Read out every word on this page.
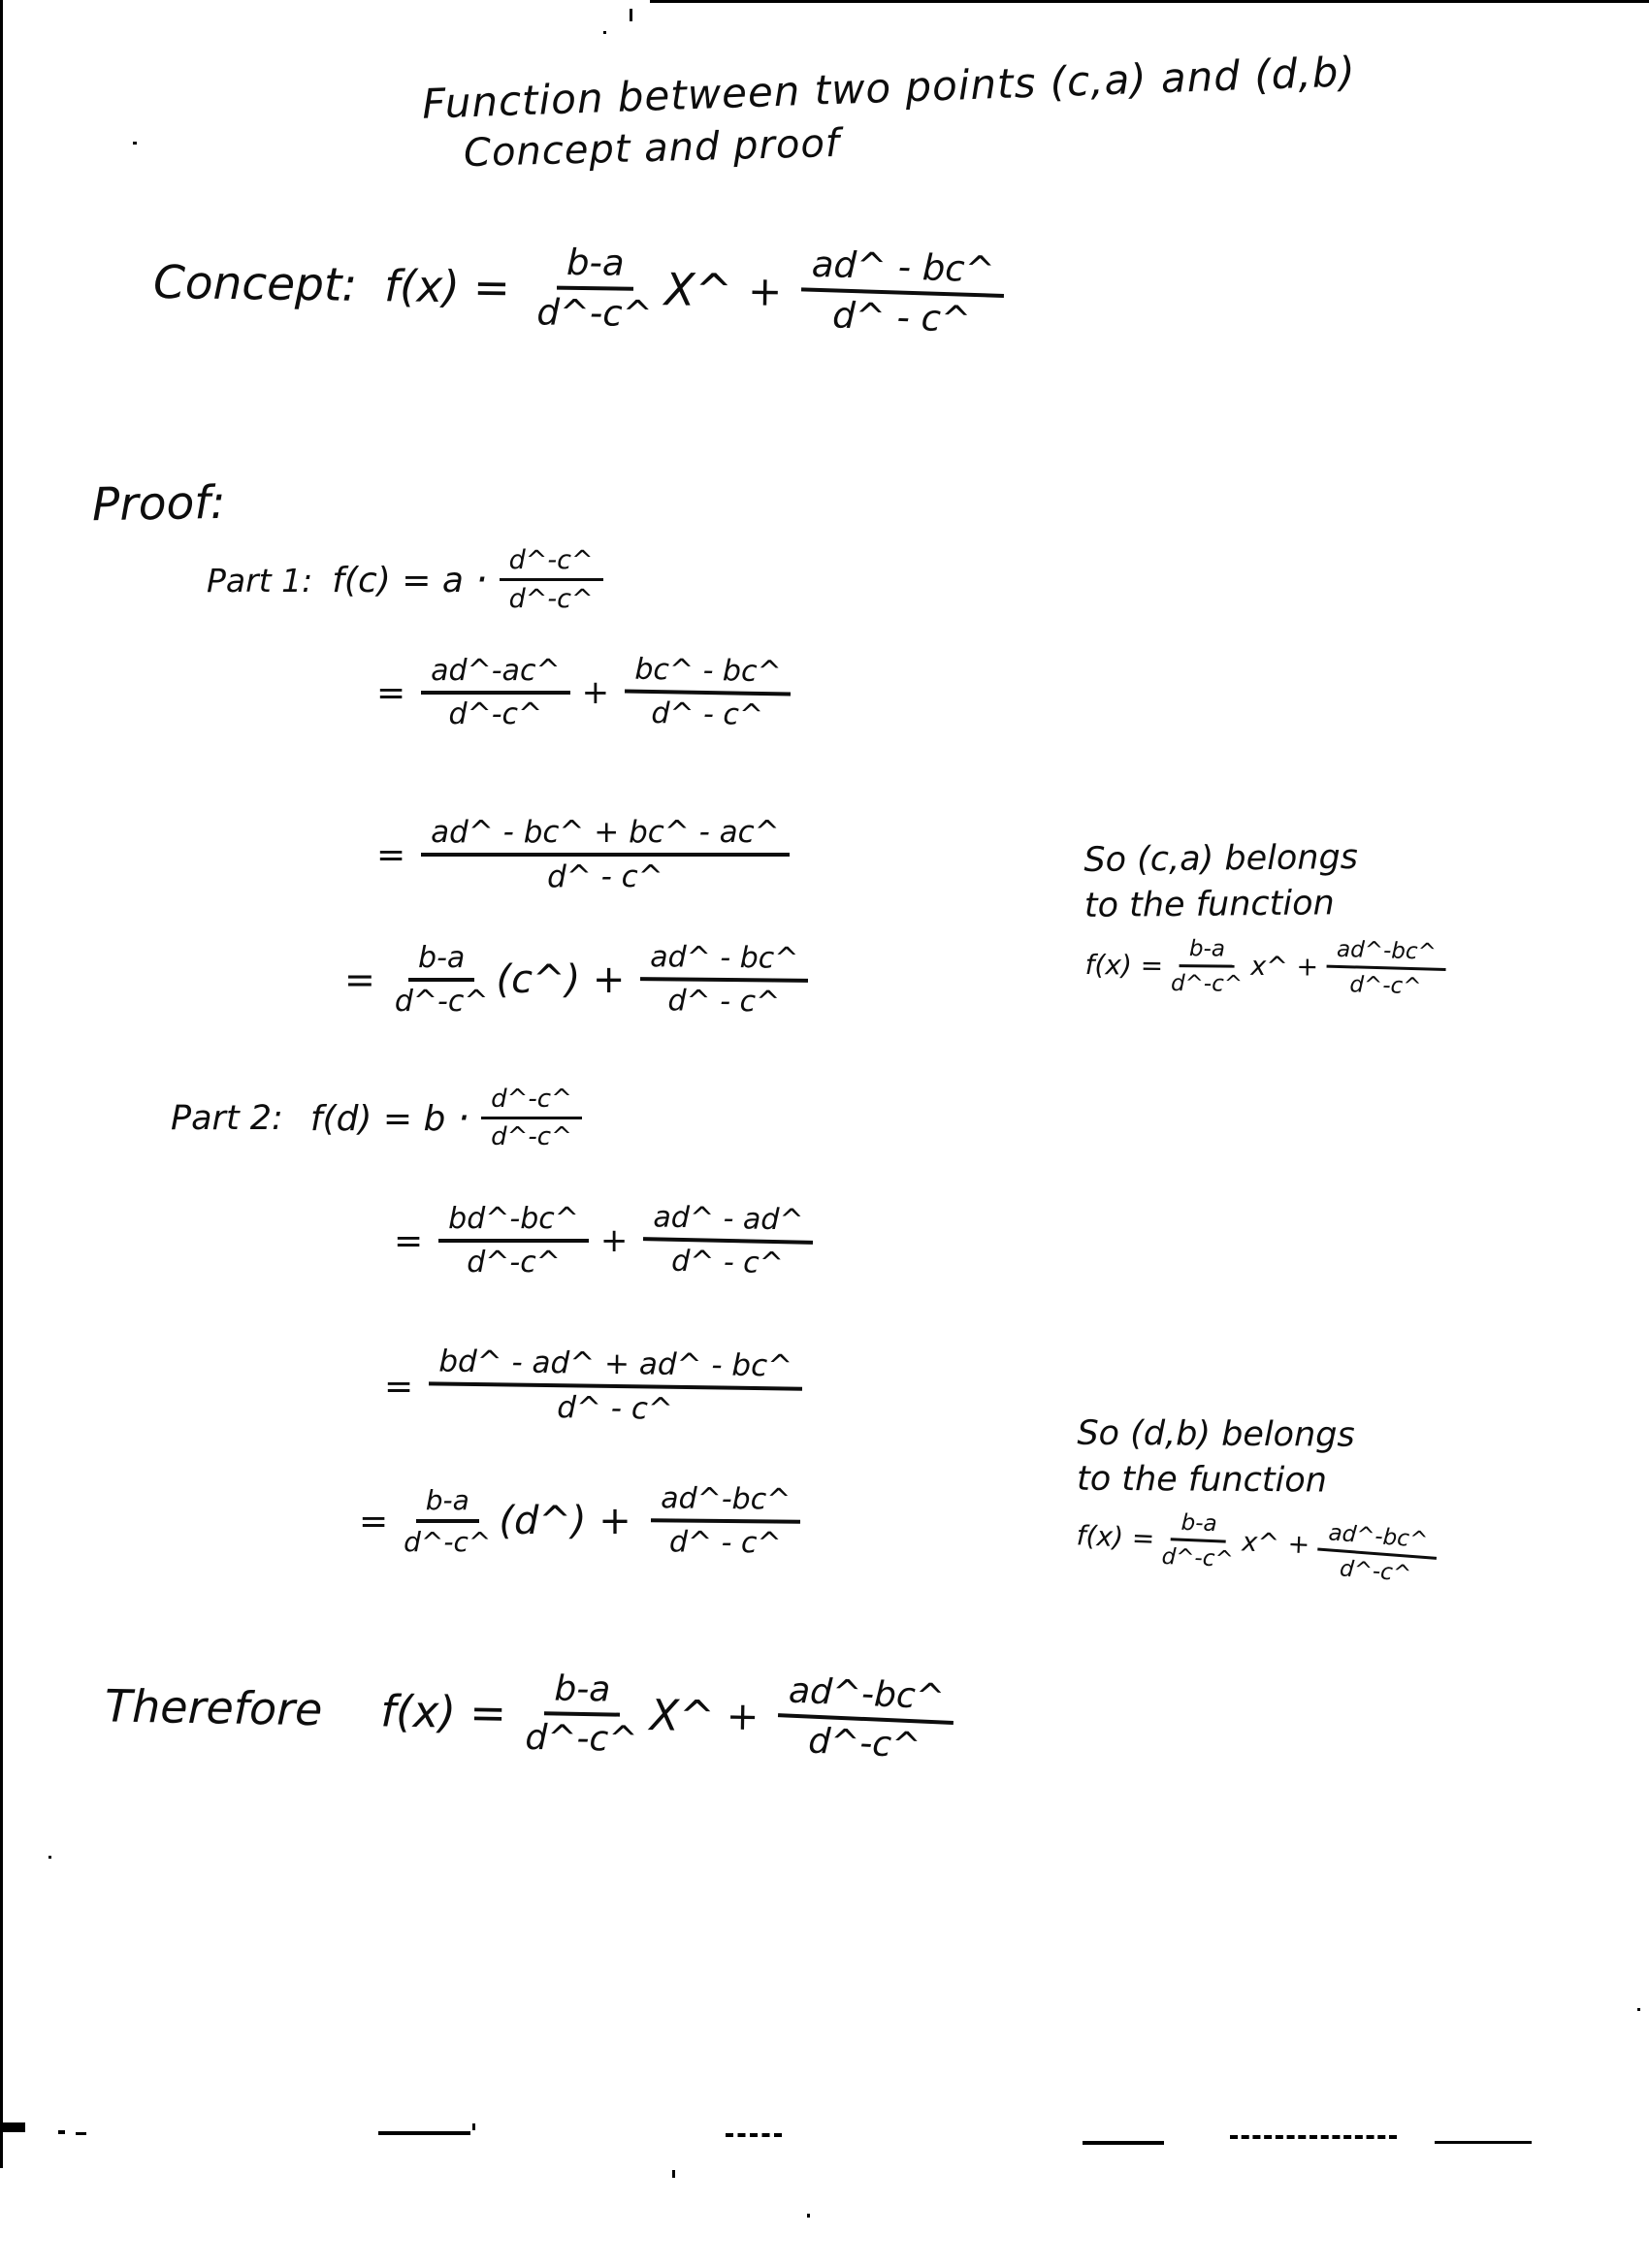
Function between two points (c,a) and (d,b)
Concept and proof
Concept: $f(x) = \frac{b-a}{d\^{}-c\^{}}$ X^ + $\frac{ad\^{} - bc\^{}}{d\^{} - c\^{}}$
Proof:
Part 1: $f(c) = a \cdot \frac{d\^{}-c\^{}}{d\^{}-c\^{}}$
= $\frac{ad\^{}-ac\^{}}{d\^{}-c\^{}} + \frac{bc\^{} - bc\^{}}{d\^{} - c\^{}}$
= $\frac{ad\^{} - bc\^{} + bc\^{} - ac\^{}}{d\^{} - c\^{}}$
= $\frac{b-a}{d\^{}-c\^{}}$ (c^) + $\frac{ad\^{} - bc\^{}}{d\^{} - c\^{}}$
So (c,a) belongs
to the function
$f(x) = \frac{b-a}{d\^{}-c\^{}}$ x^ + $\frac{ad\^{}-bc\^{}}{d\^{}-c\^{}}$
Part 2: $f(d) = b \cdot \frac{d\^{}-c\^{}}{d\^{}-c\^{}}$
= $\frac{bd\^{}-bc\^{}}{d\^{}-c\^{}} + \frac{ad\^{} - ad\^{}}{d\^{} - c\^{}}$
= $\frac{bd\^{} - ad\^{} + ad\^{} - bc\^{}}{d\^{} - c\^{}}$
= $\frac{b-a}{d\^{}-c\^{}}$ (d^) + $\frac{ad\^{}-bc\^{}}{d\^{} - c\^{}}$
So (d,b) belongs
to the function
$f(x) = \frac{b-a}{d\^{}-c\^{}}$ x^ + $\frac{ad\^{}-bc\^{}}{d\^{}-c\^{}}$
Therefore $f(x) = \frac{b-a}{d\^{}-c\^{}}$ X^ + $\frac{ad\^{}-bc\^{}}{d\^{}-c\^{}}$
